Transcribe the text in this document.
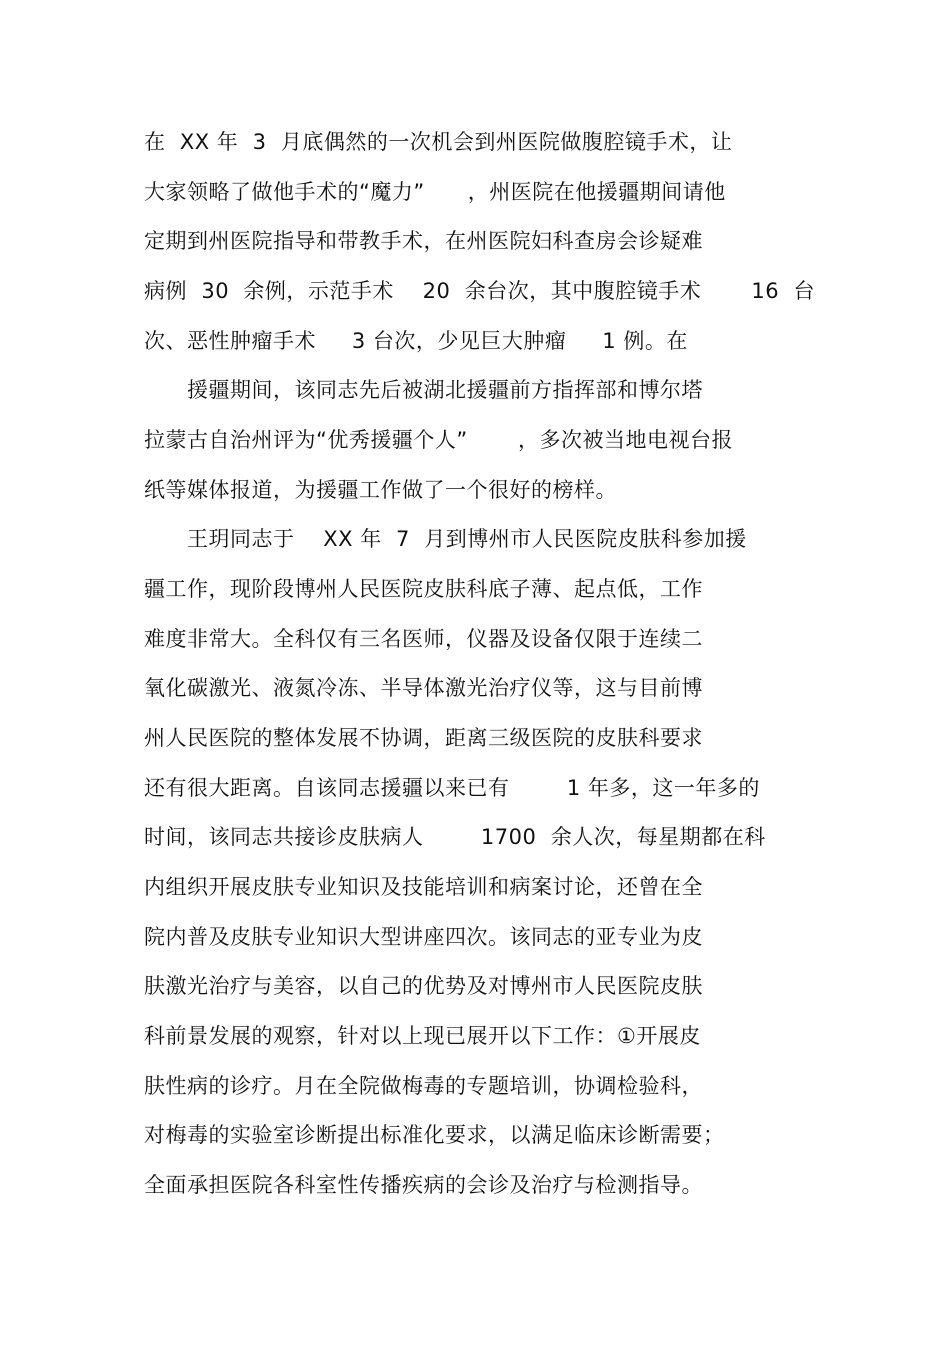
在  XX 年  3  月底偶然的一次机会到州医院做腹腔镜手术，让
大家领略了做他手术的“魔力”      ，州医院在他援疆期间请他
定期到州医院指导和带教手术，在州医院妇科查房会诊疑难
病例  30  余例，示范手术    20  余台次，其中腹腔镜手术       16  台
次、恶性肿瘤手术     3 台次，少见巨大肿瘤     1 例。在
援疆期间，该同志先后被湖北援疆前方指挥部和博尔塔
拉蒙古自治州评为“优秀援疆个人”       ，多次被当地电视台报
纸等媒体报道，为援疆工作做了一个很好的榜样。
王玥同志于    XX 年  7  月到博州市人民医院皮肤科参加援
疆工作，现阶段博州人民医院皮肤科底子薄、起点低，工作
难度非常大。全科仅有三名医师，仪器及设备仅限于连续二
氧化碳激光、液氮冷冻、半导体激光治疗仪等，这与目前博
州人民医院的整体发展不协调，距离三级医院的皮肤科要求
还有很大距离。自该同志援疆以来已有        1 年多，这一年多的
时间，该同志共接诊皮肤病人        1700  余人次，每星期都在科
内组织开展皮肤专业知识及技能培训和病案讨论，还曾在全
院内普及皮肤专业知识大型讲座四次。该同志的亚专业为皮
肤激光治疗与美容，以自己的优势及对博州市人民医院皮肤
科前景发展的观察，针对以上现已展开以下工作：①开展皮
肤性病的诊疗。月在全院做梅毒的专题培训，协调检验科，
对梅毒的实验室诊断提出标准化要求，以满足临床诊断需要；
全面承担医院各科室性传播疾病的会诊及治疗与检测指导。
